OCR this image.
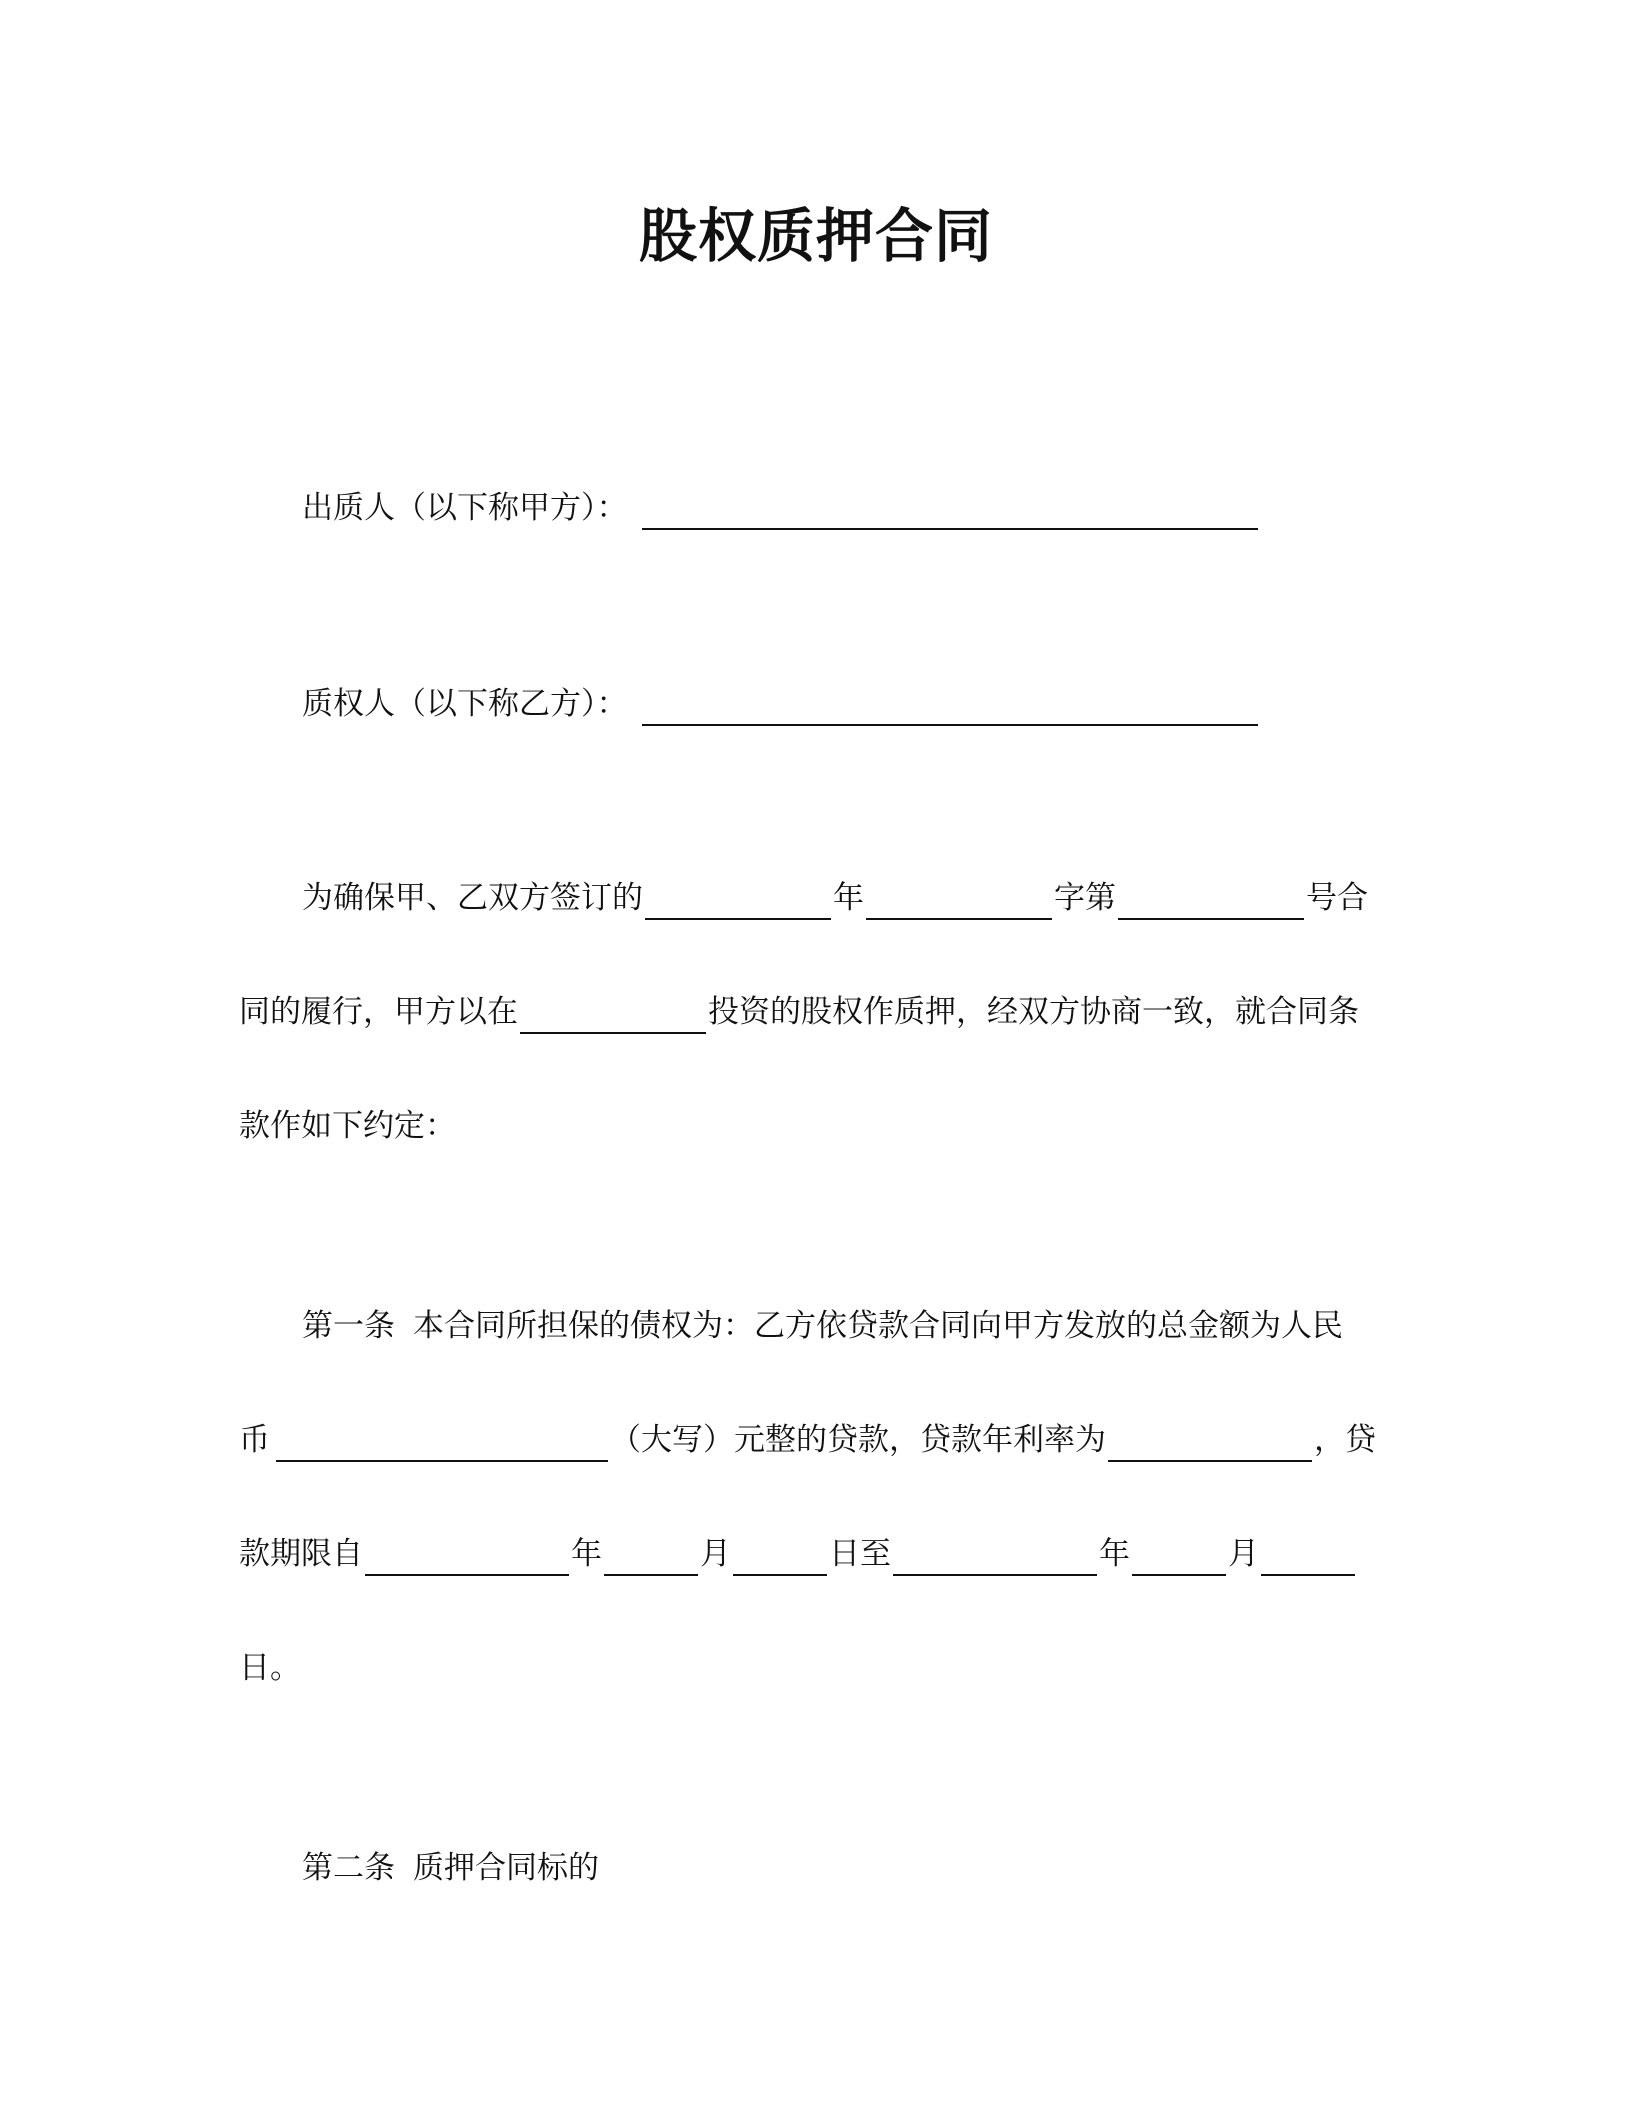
股权质押合同
出质人（以下称甲方）：
质权人（以下称乙方）：
为确保甲、乙双方签订的	年	字第	号合
同的履行，甲方以在	投资的股权作质押，经双方协商一致，就合同条
款作如下约定：
第一条 本合同所担保的债权为：乙方依贷款合同向甲方发放的总金额为人民
币	（大写）元整的贷款，贷款年利率为	，贷
款期限自	年	月	日至	年	月
日。
第二条 质押合同标的
